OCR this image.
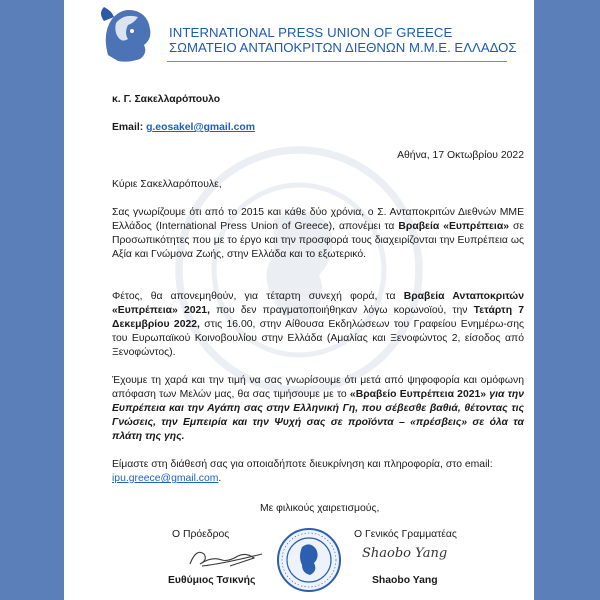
INTERNATIONAL PRESS UNION OF GREECE
ΣΩΜΑΤΕΙΟ ΑΝΤΑΠΟΚΡΙΤΩΝ ΔΙΕΘΝΩΝ Μ.Μ.Ε. ΕΛΛΑΔΟΣ
κ. Γ. Σακελλαρόπουλο
Email: g.eosakel@gmail.com
Αθήνα, 17 Οκτωβρίου 2022
Κύριε Σακελλαρόπουλε,
Σας γνωρίζουμε ότι από το 2015 και κάθε δύο χρόνια, ο Σ. Ανταποκριτών Διεθνών ΜΜΕ Ελλάδος (International Press Union of Greece), απονέμει τα Βραβεία «Ευπρέπεια» σε Προσωπικότητες που με το έργο και την προσφορά τους διαχειρίζονται την Ευπρέπεια ως Αξία και Γνώμονα Ζωής, στην Ελλάδα και το εξωτερικό.
Φέτος, θα απονεμηθούν, για τέταρτη συνεχή φορά, τα Βραβεία Ανταποκριτών «Ευπρέπεια» 2021, που δεν πραγματοποιήθηκαν λόγω κορωνοϊού, την Τετάρτη 7 Δεκεμβρίου 2022, στις 16.00, στην Αίθουσα Εκδηλώσεων του Γραφείου Ενημέρω-σης του Ευρωπαϊκού Κοινοβουλίου στην Ελλάδα (Αμαλίας και Ξενοφώντος 2, είσοδος από Ξενοφώντος).
Έχουμε τη χαρά και την τιμή να σας γνωρίσουμε ότι μετά από ψηφοφορία και ομόφωνη απόφαση των Μελών μας, θα σας τιμήσουμε με το «Βραβείο Ευπρέπεια 2021» για την Ευπρέπεια και την Αγάπη σας στην Ελληνική Γη, που σέβεσθε βαθιά, θέτοντας τις Γνώσεις, την Εμπειρία και την Ψυχή σας σε προϊόντα – «πρέσβεις» σε όλα τα πλάτη της γης.
Είμαστε στη διάθεσή σας για οποιαδήποτε διευκρίνηση και πληροφορία, στο email:
ipu.greece@gmail.com.
Με φιλικούς χαιρετισμούς,
Ο Πρόεδρος
Ευθύμιος Τσικνής
Ο Γενικός Γραμματέας
Shaobo Yang
Shaobo Yang
